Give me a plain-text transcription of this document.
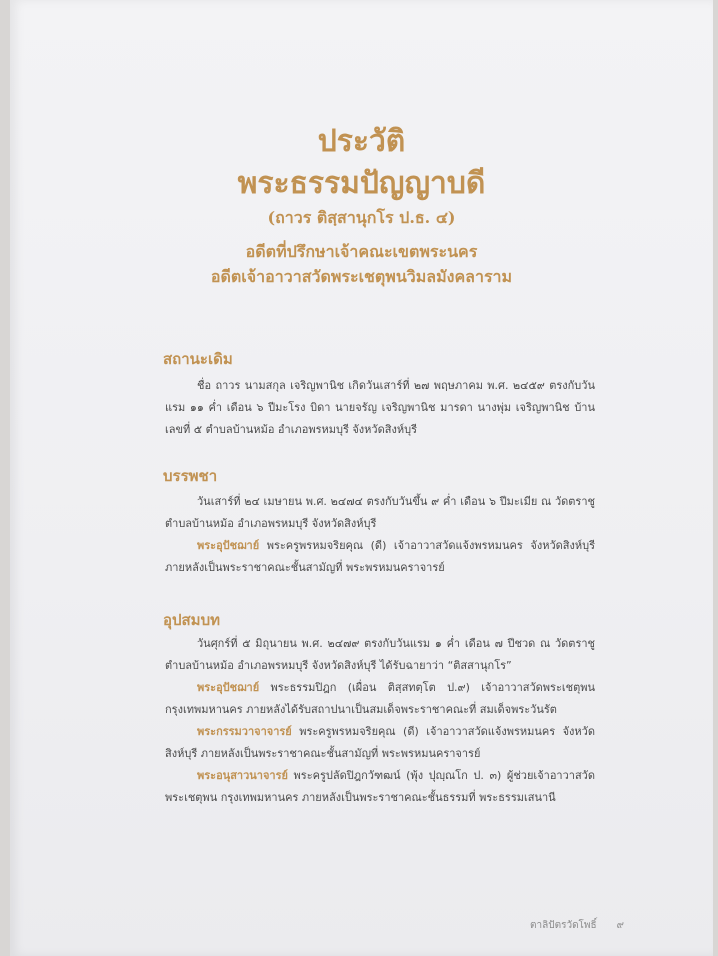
ประวัติ
พระธรรมปัญญาบดี
(ถาวร ติสฺสานุกโร ป.ธ. ๔)
อดีตที่ปรึกษาเจ้าคณะเขตพระนคร
อดีตเจ้าอาวาสวัดพระเชตุพนวิมลมังคลาราม
สถานะเดิม

ชื่อ ถาวร นามสกุล เจริญพานิช เกิดวันเสาร์ที่ ๒๗ พฤษภาคม พ.ศ. ๒๔๕๙ ตรงกับวันแรม ๑๑ ค่ำ เดือน ๖ ปีมะโรง บิดา นายจรัญ เจริญพานิช มารดา นางพุ่ม เจริญพานิช บ้านเลขที่ ๕ ตำบลบ้านหม้อ อำเภอพรหมบุรี จังหวัดสิงห์บุรี

บรรพชา

วันเสาร์ที่ ๒๔ เมษายน พ.ศ. ๒๔๗๔ ตรงกับวันขึ้น ๙ ค่ำ เดือน ๖ ปีมะเมีย ณ วัดตราชู ตำบลบ้านหม้อ อำเภอพรหมบุรี จังหวัดสิงห์บุรี

พระอุปัชฌาย์ พระครูพรหมจริยคุณ (ดี) เจ้าอาวาสวัดแจ้งพรหมนคร จังหวัดสิงห์บุรี ภายหลังเป็นพระราชาคณะชั้นสามัญที่ พระพรหมนคราจารย์

อุปสมบท

วันศุกร์ที่ ๕ มิถุนายน พ.ศ. ๒๔๗๙ ตรงกับวันแรม ๑ ค่ำ เดือน ๗ ปีชวด ณ วัดตราชู ตำบลบ้านหม้อ อำเภอพรหมบุรี จังหวัดสิงห์บุรี ได้รับฉายาว่า “ติสสานุกโร”

พระอุปัชฌาย์ พระธรรมปิฎก (เผื่อน ติสฺสทตฺโต ป.๙) เจ้าอาวาสวัดพระเชตุพน กรุงเทพมหานคร ภายหลังได้รับสถาปนาเป็นสมเด็จพระราชาคณะที่ สมเด็จพระวันรัต

พระกรรมวาจาจารย์ พระครูพรหมจริยคุณ (ดี) เจ้าอาวาสวัดแจ้งพรหมนคร จังหวัดสิงห์บุรี ภายหลังเป็นพระราชาคณะชั้นสามัญที่ พระพรหมนคราจารย์

พระอนุสาวนาจารย์ พระครูปลัดปิฎกวัฑฒน์ (พุ้ง ปุญฺณโก ป. ๓) ผู้ช่วยเจ้าอาวาสวัดพระเชตุพน กรุงเทพมหานคร ภายหลังเป็นพระราชาคณะชั้นธรรมที่ พระธรรมเสนานี

ตาลิปัตรวัดโพธิ์ ๙
